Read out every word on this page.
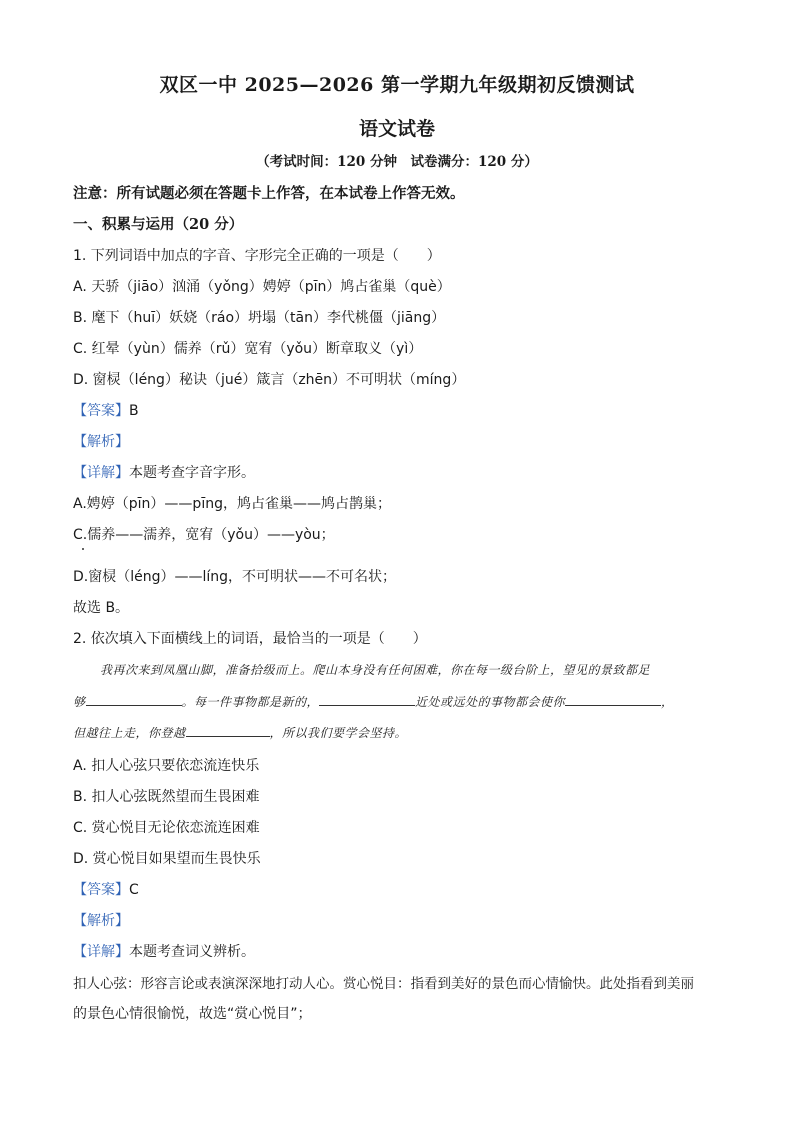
双区一中 2025—2026 第一学期九年级期初反馈测试
语文试卷
（考试时间：120 分钟　试卷满分：120 分）
注意：所有试题必须在答题卡上作答，在本试卷上作答无效。
一、积累与运用（20 分）
1. 下列词语中加点的字音、字形完全正确的一项是（　　）
A. 天骄（jiāo）汹涌（yǒng）娉婷（pīn）鸠占雀巢（què）
B. 麾下（huī）妖娆（ráo）坍塌（tān）李代桃僵（jiāng）
C. 红晕（yùn）儒养（rǔ）宽宥（yǒu）断章取义（yì）
D. 窗棂（léng）秘诀（jué）箴言（zhēn）不可明状（míng）
【答案】B
【解析】
【详解】本题考查字音字形。
A.娉婷（pīn）——pīng，鸠占雀巢——鸠占鹊巢；
C.儒养——濡养，宽宥（yǒu）——yòu；
D.窗棂（léng）——líng，不可明状——不可名状；
故选 B。
2. 依次填入下面横线上的词语，最恰当的一项是（　　）
我再次来到凤凰山脚，准备拾级而上。爬山本身没有任何困难，你在每一级台阶上，望见的景致都足
够	。每一件事物都是新的，	近处或远处的事物都会使你	，
但越往上走，你登越	，所以我们要学会坚持。
A. 扣人心弦只要依恋流连快乐
B. 扣人心弦既然望而生畏困难
C. 赏心悦目无论依恋流连困难
D. 赏心悦目如果望而生畏快乐
【答案】C
【解析】
【详解】本题考查词义辨析。
扣人心弦：形容言论或表演深深地打动人心。赏心悦目：指看到美好的景色而心情愉快。此处指看到美丽
的景色心情很愉悦，故选“赏心悦目”；
